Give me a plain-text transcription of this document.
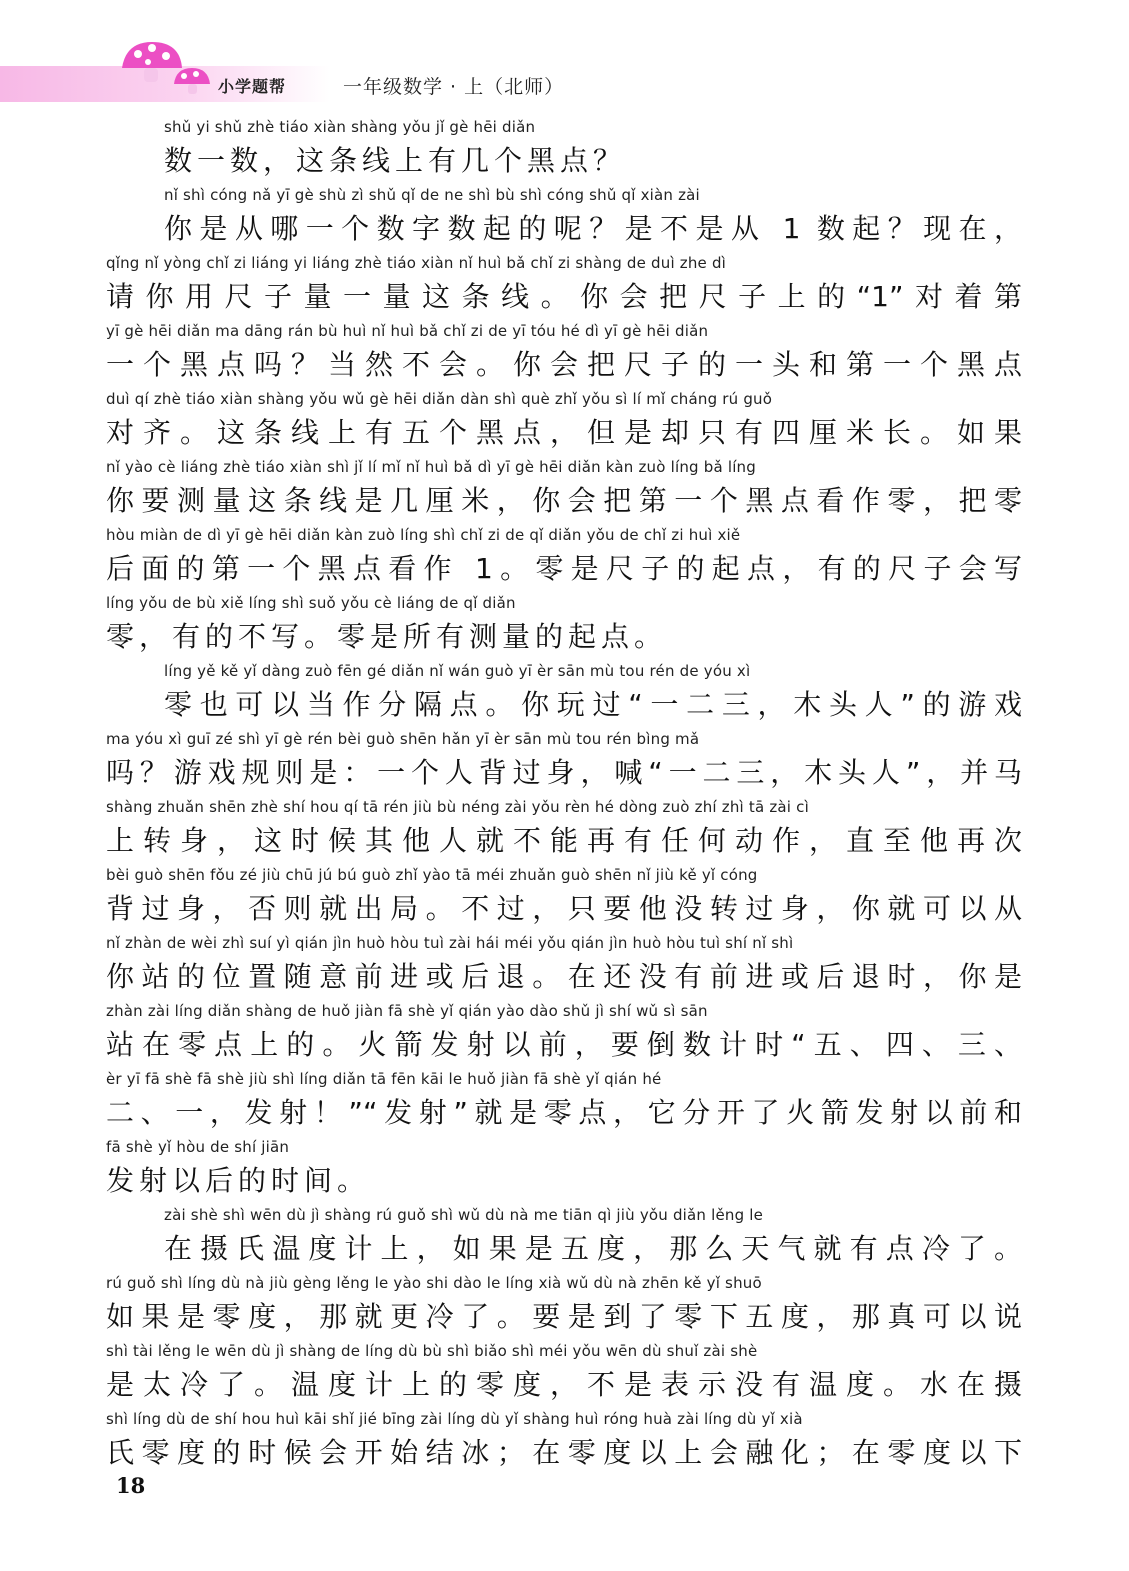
小学题帮	一年级数学 · 上（北师）
shǔ yi shǔ zhè tiáo xiàn shàng yǒu jǐ gè hēi diǎn
数一数，这条线上有几个黑点？
nǐ shì cóng nǎ yī gè shù zì shǔ qǐ de ne shì bù shì cóng shǔ qǐ xiàn zài
你是从哪一个数字数起的呢？是不是从 1 数起？现在，
qǐng nǐ yòng chǐ zi liáng yi liáng zhè tiáo xiàn nǐ huì bǎ chǐ zi shàng de duì zhe dì
请你用尺子量一量这条线。你会把尺子上的“1”对着第
yī gè hēi diǎn ma dāng rán bù huì nǐ huì bǎ chǐ zi de yī tóu hé dì yī gè hēi diǎn
一个黑点吗？当然不会。你会把尺子的一头和第一个黑点
duì qí zhè tiáo xiàn shàng yǒu wǔ gè hēi diǎn dàn shì què zhǐ yǒu sì lí mǐ cháng rú guǒ
对齐。这条线上有五个黑点，但是却只有四厘米长。如果
nǐ yào cè liáng zhè tiáo xiàn shì jǐ lí mǐ nǐ huì bǎ dì yī gè hēi diǎn kàn zuò líng bǎ líng
你要测量这条线是几厘米，你会把第一个黑点看作零，把零
hòu miàn de dì yī gè hēi diǎn kàn zuò líng shì chǐ zi de qǐ diǎn yǒu de chǐ zi huì xiě
后面的第一个黑点看作 1。零是尺子的起点，有的尺子会写
líng yǒu de bù xiě líng shì suǒ yǒu cè liáng de qǐ diǎn
零，有的不写。零是所有测量的起点。
líng yě kě yǐ dàng zuò fēn gé diǎn nǐ wán guò yī èr sān mù tou rén de yóu xì
零也可以当作分隔点。你玩过“一二三，木头人”的游戏
ma yóu xì guī zé shì yī gè rén bèi guò shēn hǎn yī èr sān mù tou rén bìng mǎ
吗？游戏规则是：一个人背过身，喊“一二三，木头人”，并马
shàng zhuǎn shēn zhè shí hou qí tā rén jiù bù néng zài yǒu rèn hé dòng zuò zhí zhì tā zài cì
上转身，这时候其他人就不能再有任何动作，直至他再次
bèi guò shēn fǒu zé jiù chū jú bú guò zhǐ yào tā méi zhuǎn guò shēn nǐ jiù kě yǐ cóng
背过身，否则就出局。不过，只要他没转过身，你就可以从
nǐ zhàn de wèi zhì suí yì qián jìn huò hòu tuì zài hái méi yǒu qián jìn huò hòu tuì shí nǐ shì
你站的位置随意前进或后退。在还没有前进或后退时，你是
zhàn zài líng diǎn shàng de huǒ jiàn fā shè yǐ qián yào dào shǔ jì shí wǔ sì sān
站在零点上的。火箭发射以前，要倒数计时“五、四、三、
èr yī fā shè fā shè jiù shì líng diǎn tā fēn kāi le huǒ jiàn fā shè yǐ qián hé
二、一，发射！”“发射”就是零点，它分开了火箭发射以前和
fā shè yǐ hòu de shí jiān
发射以后的时间。
zài shè shì wēn dù jì shàng rú guǒ shì wǔ dù nà me tiān qì jiù yǒu diǎn lěng le
在摄氏温度计上，如果是五度，那么天气就有点冷了。
rú guǒ shì líng dù nà jiù gèng lěng le yào shi dào le líng xià wǔ dù nà zhēn kě yǐ shuō
如果是零度，那就更冷了。要是到了零下五度，那真可以说
shì tài lěng le wēn dù jì shàng de líng dù bù shì biǎo shì méi yǒu wēn dù shuǐ zài shè
是太冷了。温度计上的零度，不是表示没有温度。水在摄
shì líng dù de shí hou huì kāi shǐ jié bīng zài líng dù yǐ shàng huì róng huà zài líng dù yǐ xià
氏零度的时候会开始结冰；在零度以上会融化；在零度以下
18
